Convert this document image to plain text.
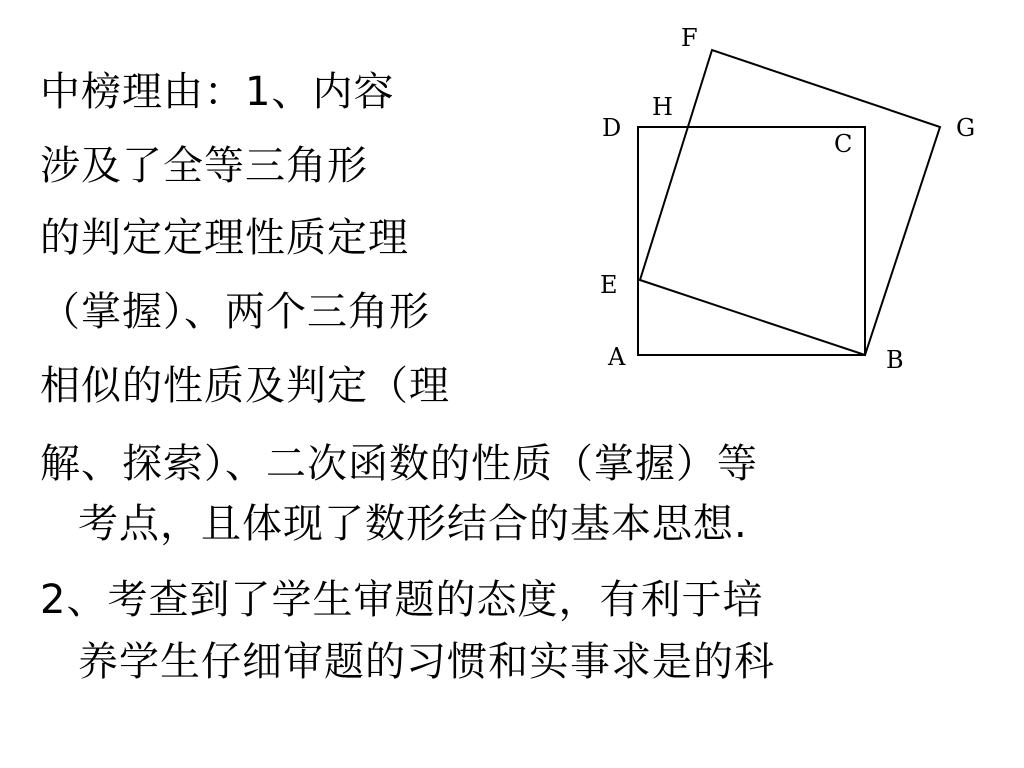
中榜理由：1、内容
涉及了全等三角形
的判定定理性质定理
（掌握）、两个三角形
相似的性质及判定（理
解、探索）、二次函数的性质（掌握）等
考点，且体现了数形结合的基本思想.
2、考查到了学生审题的态度，有利于培
养学生仔细审题的习惯和实事求是的科
A	B
C
D
E
F
G
H
